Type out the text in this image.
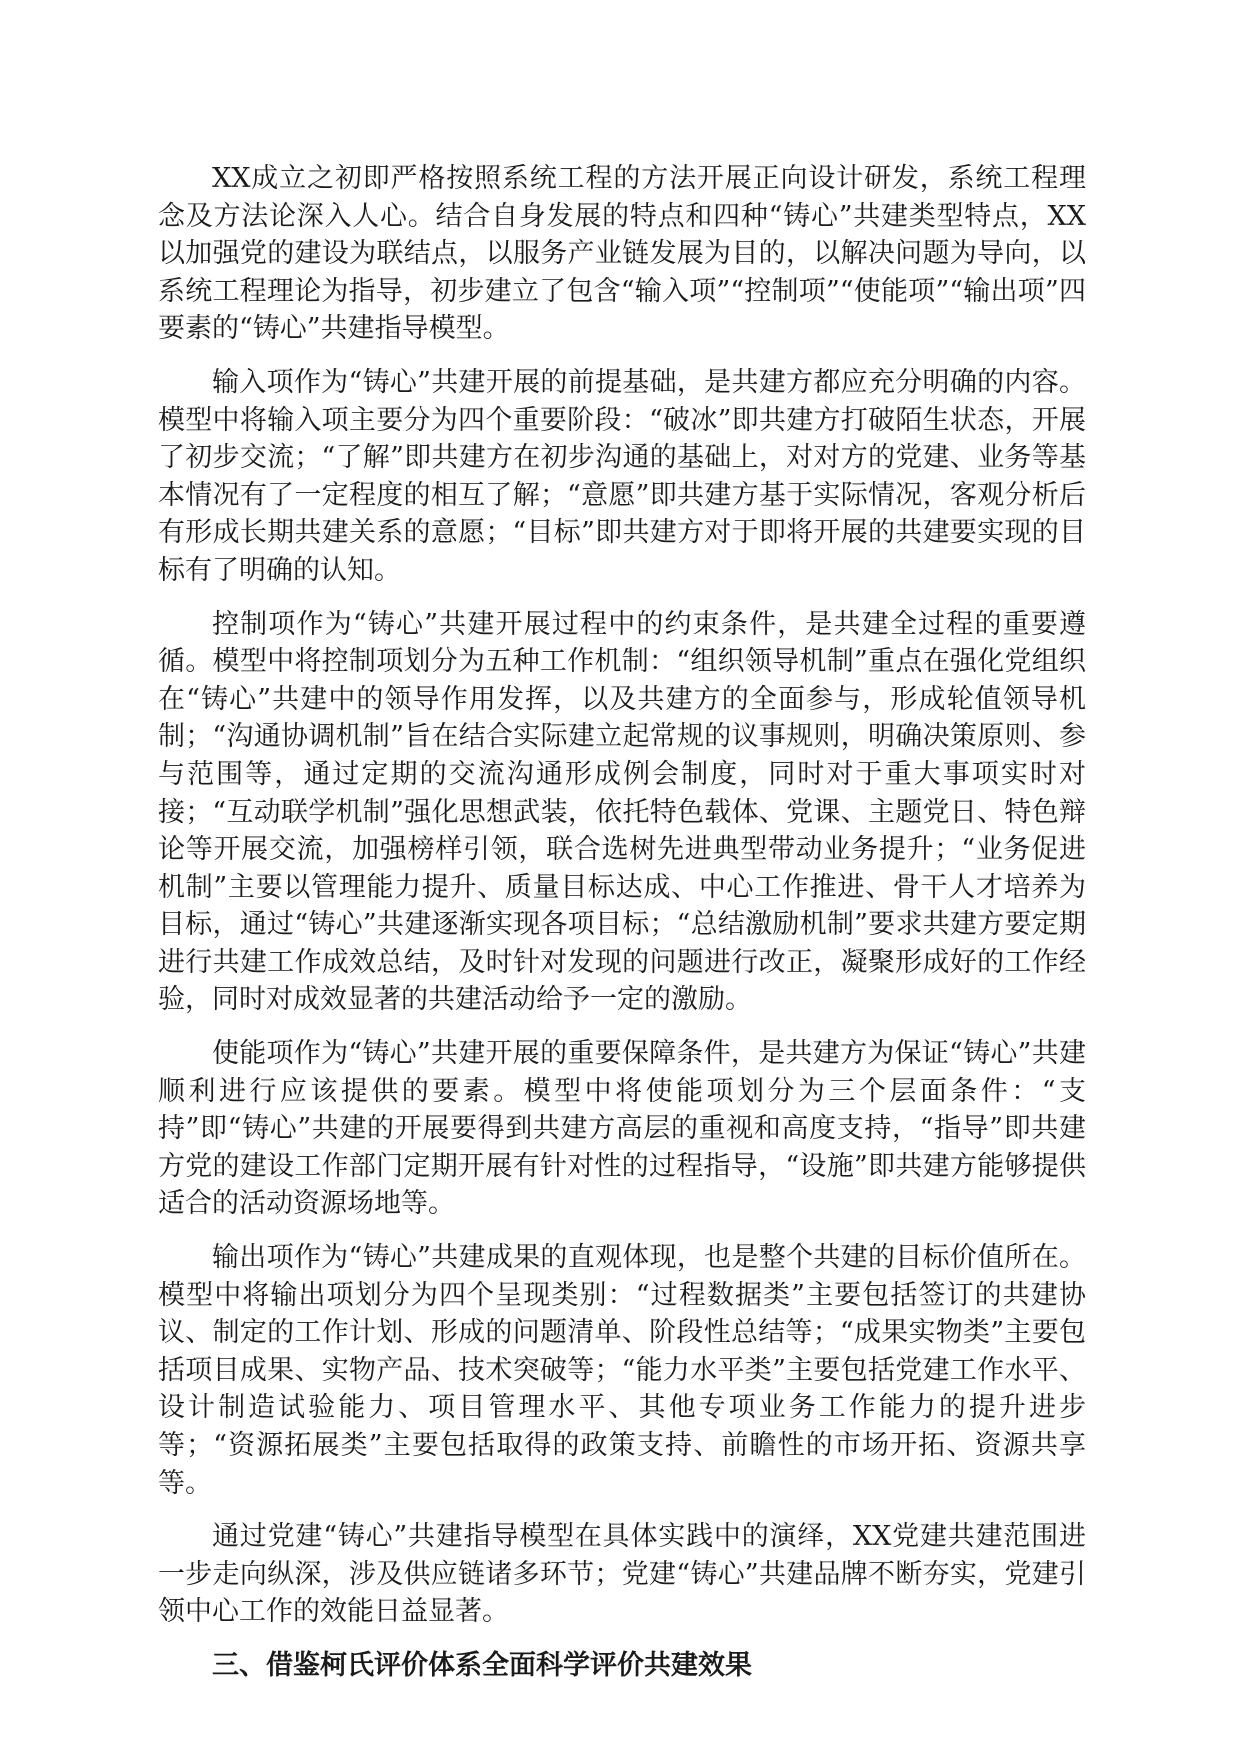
XX成立之初即严格按照系统工程的方法开展正向设计研发，系统工程理念及方法论深入人心。结合自身发展的特点和四种“铸心”共建类型特点，XX以加强党的建设为联结点，以服务产业链发展为目的，以解决问题为导向，以系统工程理论为指导，初步建立了包含“输入项”“控制项”“使能项”“输出项”四要素的“铸心”共建指导模型。

输入项作为“铸心”共建开展的前提基础，是共建方都应充分明确的内容。模型中将输入项主要分为四个重要阶段：“破冰”即共建方打破陌生状态，开展了初步交流；“了解”即共建方在初步沟通的基础上，对对方的党建、业务等基本情况有了一定程度的相互了解；“意愿”即共建方基于实际情况，客观分析后有形成长期共建关系的意愿；“目标”即共建方对于即将开展的共建要实现的目标有了明确的认知。

控制项作为“铸心”共建开展过程中的约束条件，是共建全过程的重要遵循。模型中将控制项划分为五种工作机制：“组织领导机制”重点在强化党组织在“铸心”共建中的领导作用发挥，以及共建方的全面参与，形成轮值领导机制；“沟通协调机制”旨在结合实际建立起常规的议事规则，明确决策原则、参与范围等，通过定期的交流沟通形成例会制度，同时对于重大事项实时对接；“互动联学机制”强化思想武装，依托特色载体、党课、主题党日、特色辩论等开展交流，加强榜样引领，联合选树先进典型带动业务提升；“业务促进机制”主要以管理能力提升、质量目标达成、中心工作推进、骨干人才培养为目标，通过“铸心”共建逐渐实现各项目标；“总结激励机制”要求共建方要定期进行共建工作成效总结，及时针对发现的问题进行改正，凝聚形成好的工作经验，同时对成效显著的共建活动给予一定的激励。

使能项作为“铸心”共建开展的重要保障条件，是共建方为保证“铸心”共建顺利进行应该提供的要素。模型中将使能项划分为三个层面条件：“支持”即“铸心”共建的开展要得到共建方高层的重视和高度支持，“指导”即共建方党的建设工作部门定期开展有针对性的过程指导，“设施”即共建方能够提供适合的活动资源场地等。

输出项作为“铸心”共建成果的直观体现，也是整个共建的目标价值所在。模型中将输出项划分为四个呈现类别：“过程数据类”主要包括签订的共建协议、制定的工作计划、形成的问题清单、阶段性总结等；“成果实物类”主要包括项目成果、实物产品、技术突破等；“能力水平类”主要包括党建工作水平、设计制造试验能力、项目管理水平、其他专项业务工作能力的提升进步等；“资源拓展类”主要包括取得的政策支持、前瞻性的市场开拓、资源共享等。

通过党建“铸心”共建指导模型在具体实践中的演绎，XX党建共建范围进一步走向纵深，涉及供应链诸多环节；党建“铸心”共建品牌不断夯实，党建引领中心工作的效能日益显著。

三、借鉴柯氏评价体系全面科学评价共建效果
